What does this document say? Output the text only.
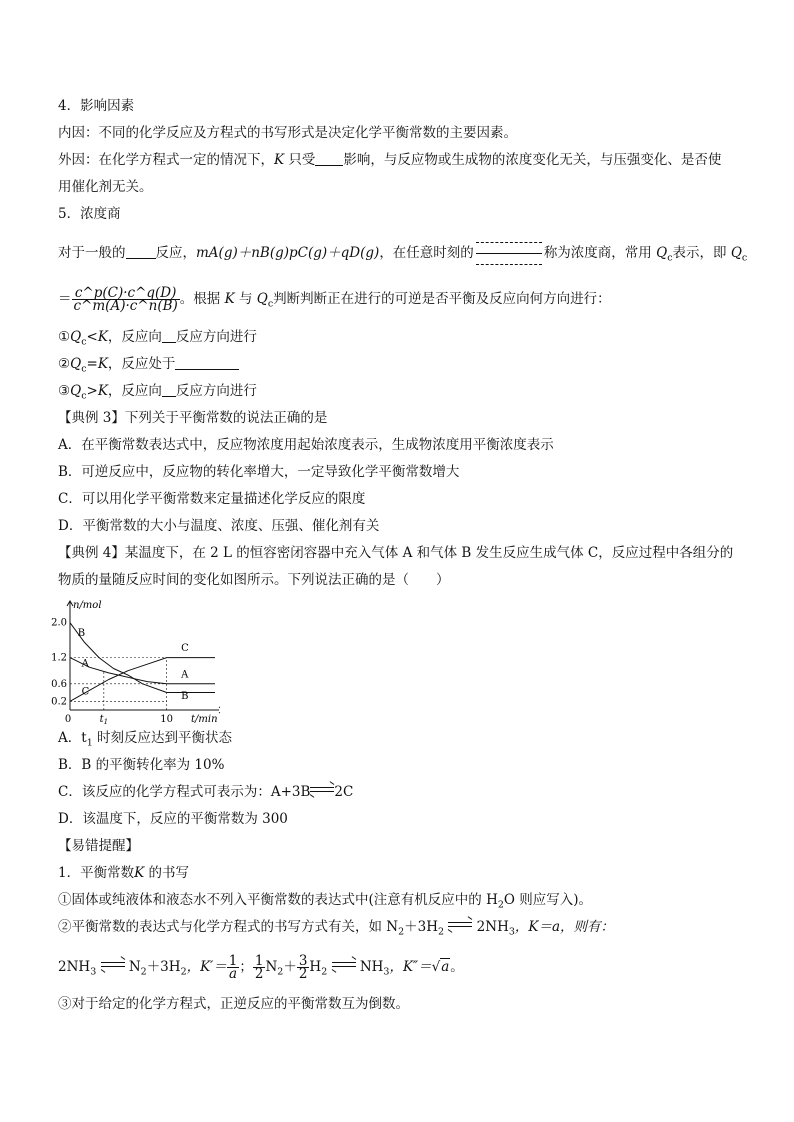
4．影响因素
内因：不同的化学反应及方程式的书写形式是决定化学平衡常数的主要因素。
外因：在化学方程式一定的情况下，K 只受 影响，与反应物或生成物的浓度变化无关，与压强变化、是否使
用催化剂无关。
5．浓度商
对于一般的 反应，mA(g)＋nB(g)pC(g)＋qD(g)，在任意时刻的	称为浓度商，常用 $Q_c$表示，即 $Q_c$
＝ $\frac{c\^{}p(C)\cdot c\^{}q(D)}{c\^{}m(A)\cdot c\^{}n(B)}$ 。根据 K 与 $Q_c$判断判断正在进行的可逆是否平衡及反应向何方向进行：
$①Q_c<K$，反应向 反应方向进行
$②Q_c=K$，反应处于
$③Q_c>K$，反应向 反应方向进行
【典例 3】下列关于平衡常数的说法正确的是
A．在平衡常数表达式中，反应物浓度用起始浓度表示，生成物浓度用平衡浓度表示
B．可逆反应中，反应物的转化率增大，一定导致化学平衡常数增大
C．可以用化学平衡常数来定量描述化学反应的限度
D．平衡常数的大小与温度、浓度、压强、催化剂有关
【典例 4】某温度下，在 2 L 的恒容密闭容器中充入气体 A 和气体 B 发生反应生成气体 C，反应过程中各组分的
物质的量随反应时间的变化如图所示。下列说法正确的是（　　）
n/mol
t/min
2.0
1.2
0.6
0.2
0	$t_1$	10
B
B
A
A
C
C
A．$t_1$ 时刻反应达到平衡状态
B．B 的平衡转化率为 10%
C．该反应的化学方程式可表示为：A+3B 2C
D．该温度下，反应的平衡常数为 300
【易错提醒】
1．平衡常数K 的书写
①固体或纯液体和液态水不列入平衡常数的表达式中(注意有机反应中的 $H_2O$ 则应写入)。
②平衡常数的表达式与化学方程式的书写方式有关，如 $N_2+3H_2$ $2NH_3$，K＝a，则有：
$2NH_3$ $N_2+3H_2$，$K'= \frac{1}{a}$ ； $\frac{1}{2} N_2+ \frac{3}{2} H_2$ $NH_3$，K″＝√a。
③对于给定的化学方程式，正逆反应的平衡常数互为倒数。
